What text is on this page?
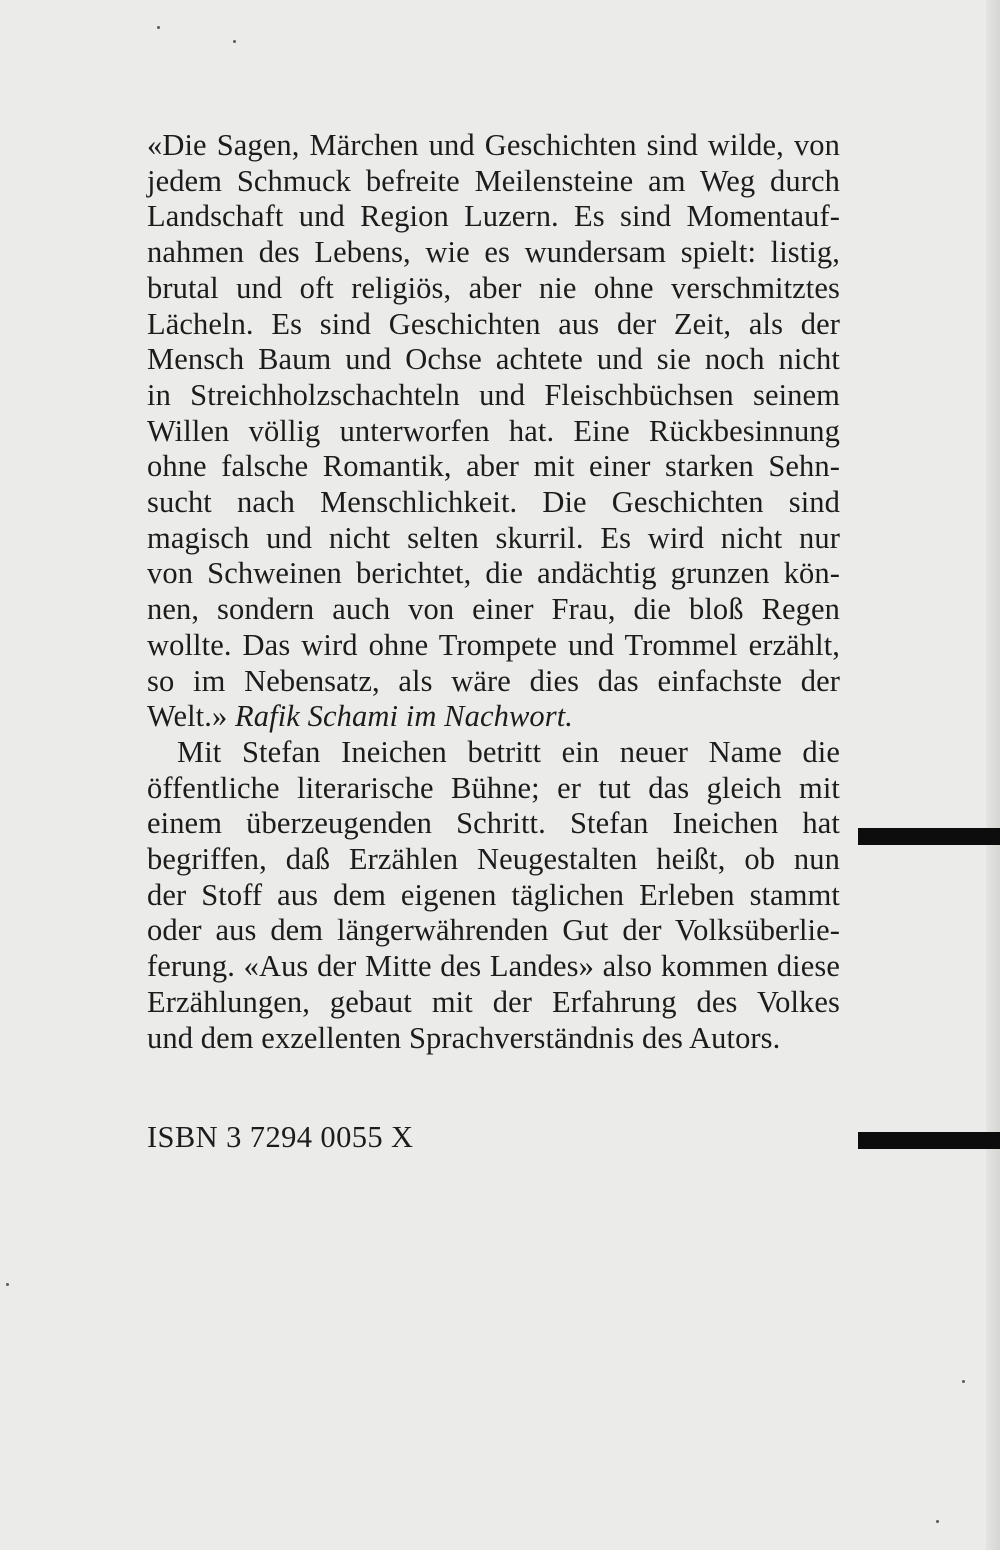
«Die Sagen, Märchen und Geschichten sind wilde, von
jedem Schmuck befreite Meilensteine am Weg durch
Landschaft und Region Luzern. Es sind Momentauf-
nahmen des Lebens, wie es wundersam spielt: listig,
brutal und oft religiös, aber nie ohne verschmitztes
Lächeln. Es sind Geschichten aus der Zeit, als der
Mensch Baum und Ochse achtete und sie noch nicht
in Streichholzschachteln und Fleischbüchsen seinem
Willen völlig unterworfen hat. Eine Rückbesinnung
ohne falsche Romantik, aber mit einer starken Sehn-
sucht nach Menschlichkeit. Die Geschichten sind
magisch und nicht selten skurril. Es wird nicht nur
von Schweinen berichtet, die andächtig grunzen kön-
nen, sondern auch von einer Frau, die bloß Regen
wollte. Das wird ohne Trompete und Trommel erzählt,
so im Nebensatz, als wäre dies das einfachste der
Welt.» Rafik Schami im Nachwort.
Mit Stefan Ineichen betritt ein neuer Name die
öffentliche literarische Bühne; er tut das gleich mit
einem überzeugenden Schritt. Stefan Ineichen hat
begriffen, daß Erzählen Neugestalten heißt, ob nun
der Stoff aus dem eigenen täglichen Erleben stammt
oder aus dem längerwährenden Gut der Volksüberlie-
ferung. «Aus der Mitte des Landes» also kommen diese
Erzählungen, gebaut mit der Erfahrung des Volkes
und dem exzellenten Sprachverständnis des Autors.
ISBN 3 7294 0055 X
